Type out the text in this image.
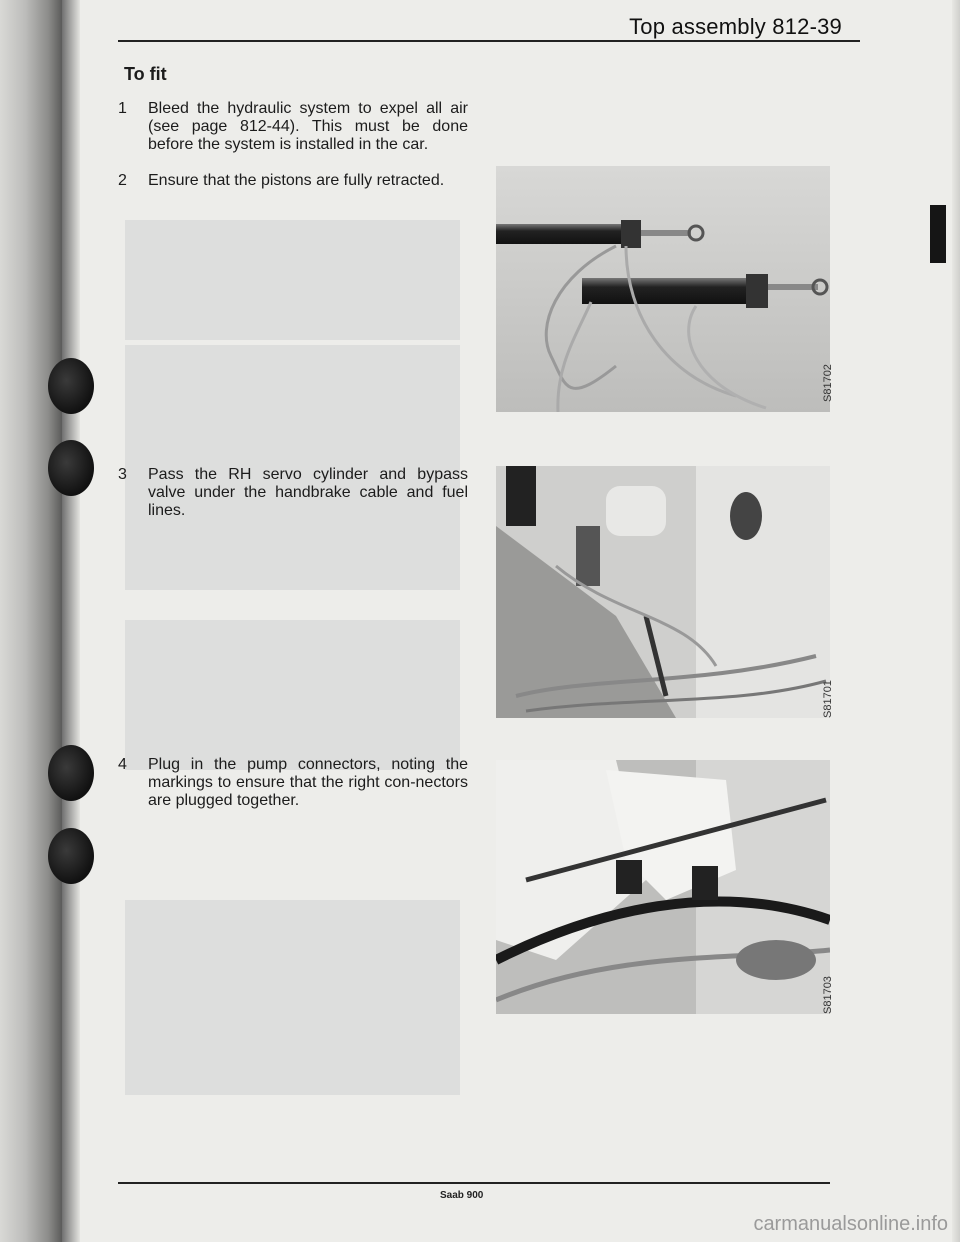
Top assembly 812-39
To fit
1	Bleed the hydraulic system to expel all air (see page 812-44). This must be done before the system is installed in the car.
2	Ensure that the pistons are fully retracted.
3	Pass the RH servo cylinder and bypass valve under the handbrake cable and fuel lines.
4	Plug in the pump connectors, noting the markings to ensure that the right con-nectors are plugged together.
S81702
S81701
S81703
Saab 900
carmanualsonline.info
